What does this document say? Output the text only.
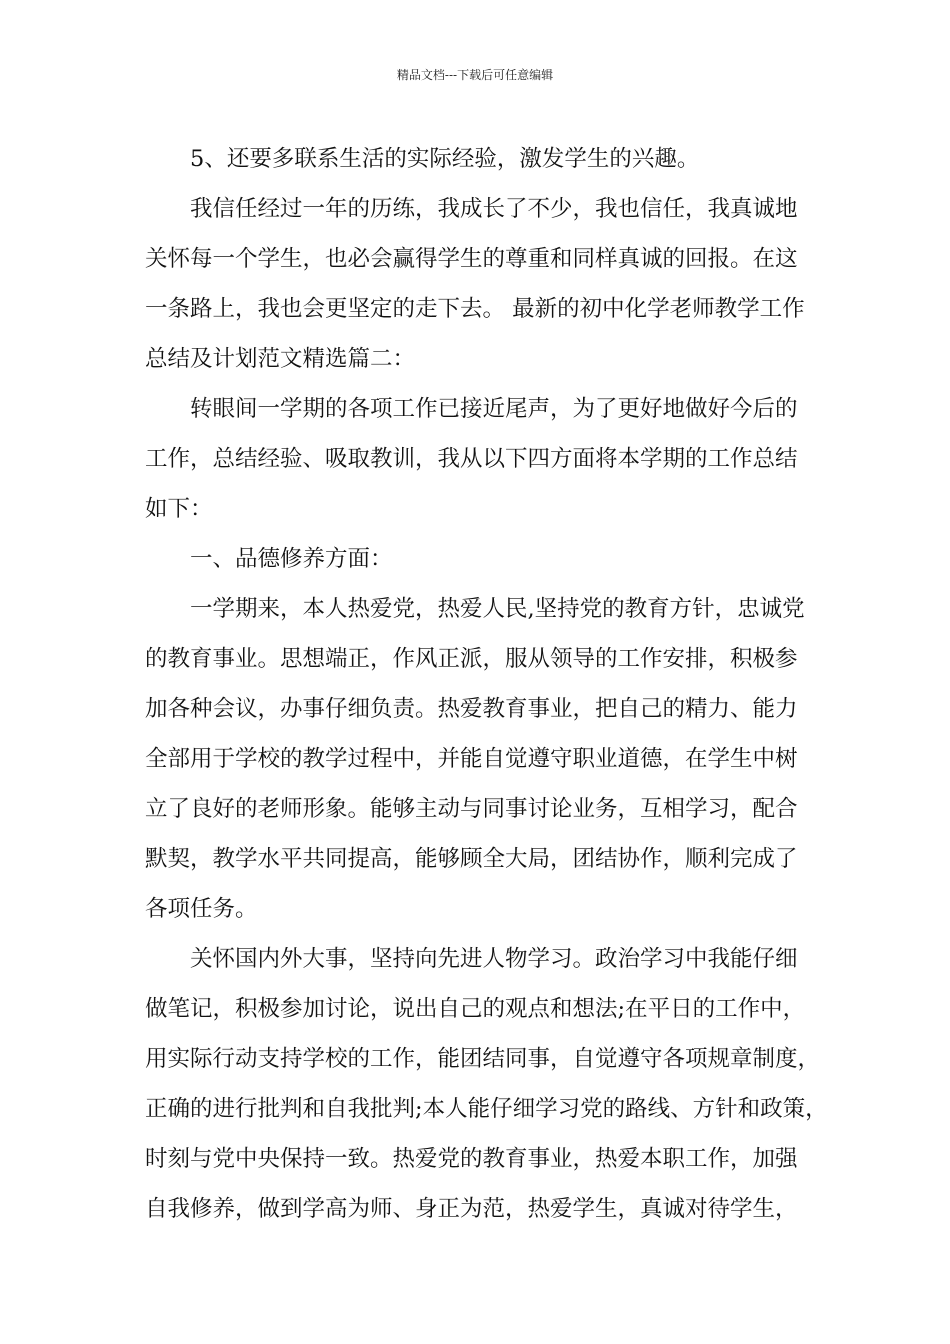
精品文档---下载后可任意编辑
5、还要多联系生活的实际经验，激发学生的兴趣。
我信任经过一年的历练，我成长了不少，我也信任，我真诚地
关怀每一个学生，也必会赢得学生的尊重和同样真诚的回报。在这
一条路上，我也会更坚定的走下去。 最新的初中化学老师教学工作
总结及计划范文精选篇二：
转眼间一学期的各项工作已接近尾声，为了更好地做好今后的
工作，总结经验、吸取教训，我从以下四方面将本学期的工作总结
如下：
一、品德修养方面：
一学期来，本人热爱党，热爱人民,坚持党的教育方针，忠诚党
的教育事业。思想端正，作风正派，服从领导的工作安排，积极参
加各种会议，办事仔细负责。热爱教育事业，把自己的精力、能力
全部用于学校的教学过程中，并能自觉遵守职业道德，在学生中树
立了良好的老师形象。能够主动与同事讨论业务，互相学习，配合
默契，教学水平共同提高，能够顾全大局，团结协作，顺利完成了
各项任务。
关怀国内外大事，坚持向先进人物学习。政治学习中我能仔细
做笔记，积极参加讨论，说出自己的观点和想法;在平日的工作中，
用实际行动支持学校的工作，能团结同事，自觉遵守各项规章制度，
正确的进行批判和自我批判;本人能仔细学习党的路线、方针和政策，
时刻与党中央保持一致。热爱党的教育事业，热爱本职工作，加强
自我修养，做到学高为师、身正为范，热爱学生，真诚对待学生，
